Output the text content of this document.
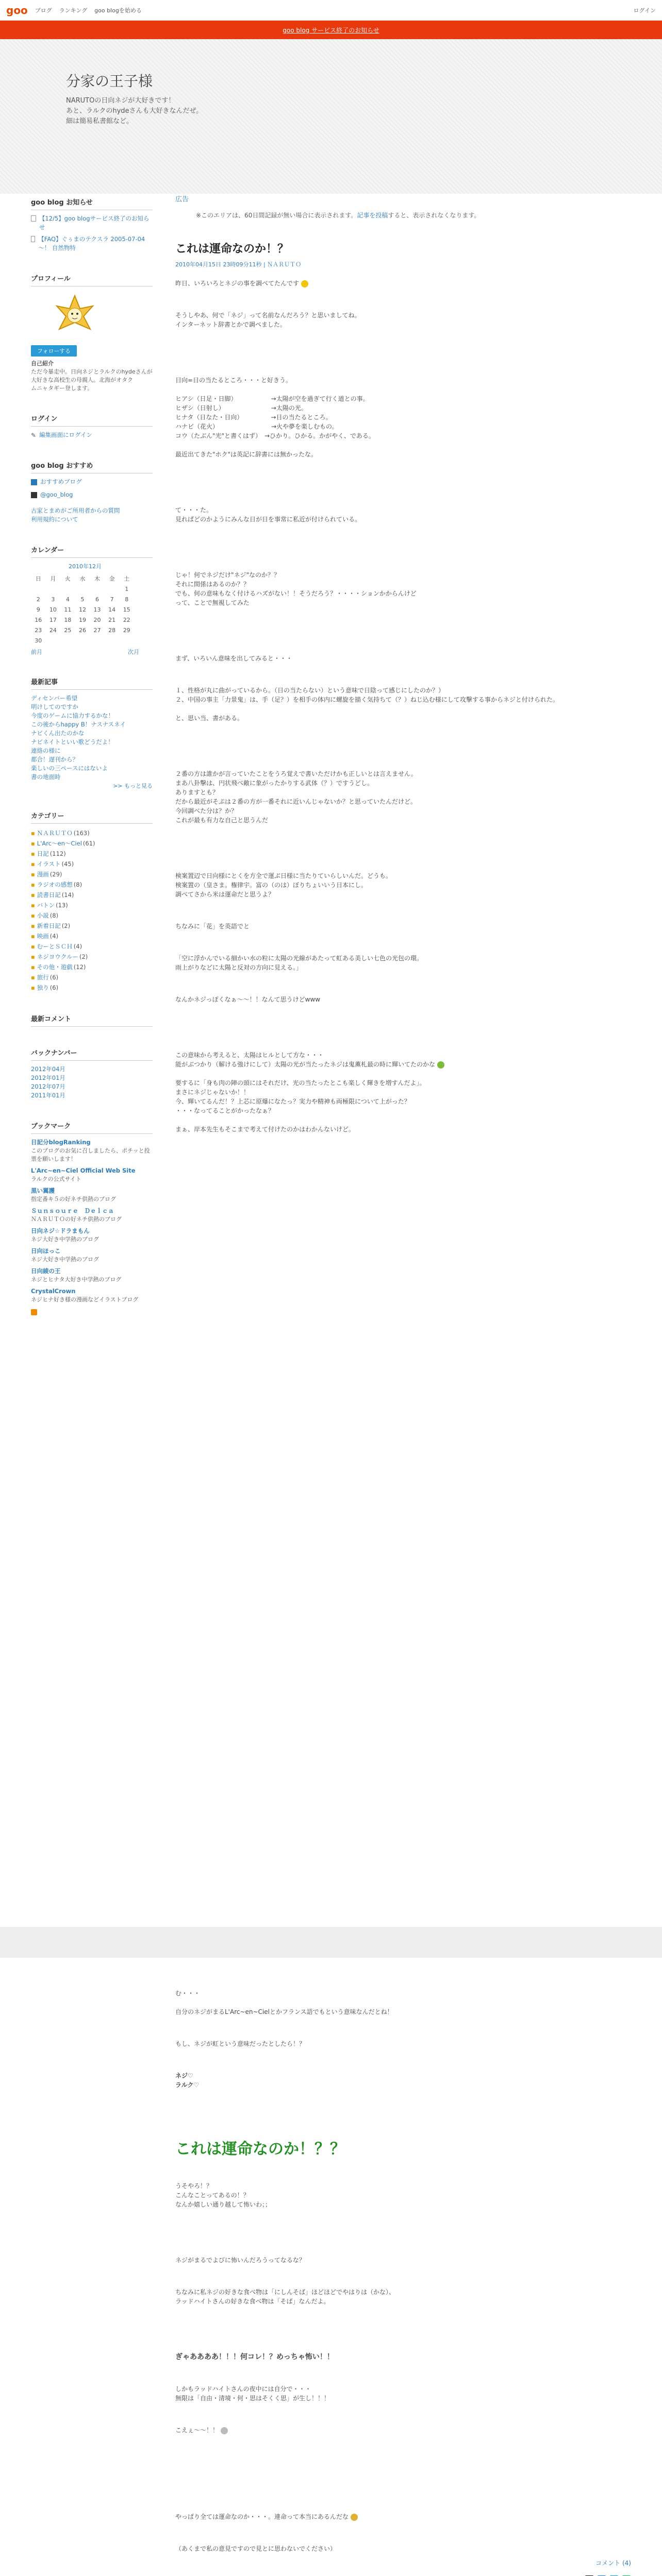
goo ブログ ランキング goo blogを始める	ログイン
goo blog サービス終了のお知らせ
分家の王子様
NARUTOの日向ネジが大好きです！
あと、ラルクのhydeさんも大好きなんだぜ。
細は簡易私書館など。
goo blog お知らせ
【12/5】goo blogサービス終了のお知らせ
【FAQ】ぐぅまのテクスラ 2005-07-04 ～！ 自然物特
プロフィール
フォローする
自己紹介
ただ今暴走中。日向ネジとラルクのhydeさんが大好きな高校生の母親人。北海がオタク
ムニャタギー登します。
ログイン
✎ 編集画面にログイン
goo blog おすすめ
おすすめブログ
@goo_blog
古家とまめがご所用者からの質問
利用規約について
カレンダー
2010年12月
日	月	火	水	木	金	土
						1
2	3	4	5	6	7	8
9	10	11	12	13	14	15
16	17	18	19	20	21	22
23	24	25	26	27	28	29
30						
前月	次月
最新記事
ディセンバー希望
明けしてのですか
今度のゲームに協力するかな！
この後からhappy B！ナスナスネイ
ナビくん出たのかな
ナビネイトといい歌どうだよ！
連絡の様に
都合！遅刊から？
楽しいの三ペースにはないよ
書の地面時
>> もっと見る
カテゴリー
▪ ＮＡＲＵＴＯ (163)
▪ L'Arc〜en〜Ciel (61)
▪ 日記 (112)
▪ イラスト (45)
▪ 漫画 (29)
▪ ラジオの感想 (8)
▪ 読書日記 (14)
▪ バトン (13)
▪ 小説 (8)
▪ 新着日記 (2)
▪ 映画 (4)
▪ むーとＳＣＨ (4)
▪ ネジヨウクルー (2)
▪ その他・遊戯 (12)
▪ 旅行 (6)
▪ 独り (6)
最新コメント
バックナンバー
2012年04月
2012年01月
2012年07月
2011年01月
ブックマーク
日記分blogRanking
このブログのお気に召しましたら、ポチッと投票を願いします！
L'Arc~en~Ciel Official Web Site
ラルクの公式サイト
黒い翼護
指定番キ５の好ネチ供熱のブログ
Ｓｕｎｓｏｕｒｅ　Ｄｅｌｃａ
ＮＡＲＵＴＯの好ネチ供熱のブログ
日向ネジ☆ドラまもん
ネジ大好き中学熱のブログ
日向ほっこ
ネジ大好き中学熱のブログ
日向綾の王
ネジとヒナタ大好き中学熱のブログ
CrystalCrown
ネジヒナ好き様の漫画などイラストブログ
広告
※このエリアは、60日間記録が無い場合に表示されます。記事を投稿すると、表示されなくなります。
これは運命なのか！？
2010年04月15日 23時09分11秒 | ＮＡＲＵＴＯ

昨日、いろいろとネジの事を調べてたんです

そうしやあ、何で「ネジ」って名前なんだろう？と思いましてね。

インターネット辞書とかで調べました。

日向=日の当たるところ・・・と好きう。

ヒアシ（日足・日脚）　　　　　　→太陽が空を過ぎて行く道との事。

ヒザシ（日射し）　　　　　　　　→太陽の光。

ヒナタ（日なた・日向）　　　　　→日の当たるところ。

ハナビ（花火）　　　　　　　　　→火や夢を楽しむもの。

コウ（たぶん"光"と書くはず）　→ひかり。ひかる。かがやく、である。

最近出てきた"ホク"は英記に辞書には無かったな。

て・・・た。

見れぱどのかようにみんな日が日を事常に私近が付けられている。

じゃ！何でネジだけ"ネジ"なのか？？

それに間係はあるのか？？

でも、何の意味もなく付けるハズがない！！そうだろう？・・・・ションかからんけど

って、ことで無視してみた

まず、いろいん意味を出してみると・・・

１、性格が丸に曲がっているから。（日の当たらない）という意味で日陰って感じにしたのか？）

２、中国の事主「力景鬼」は、手（足？）を相手の体内に螺旋を描く気持ちて（？）ねじ込む様にして攻撃する事からネジと付けられた。

と、思い当、書がある。

２番の方は誰かが言っていたことをうろ覚えで書いただけかも正しいとは言えません。

まあ八卦撃は、円状飛べ敵に象がったかりする武体（？）ですうどし。

ありますとも？

だから最近がそぷは２番の方が一番それに近いんじゃないか？と思っていたんだけど。

今回調べた分は？か？

これが最も有力な自己と思うんだ

検案置辺で日向様にとくを方全で運ぶ日様に当たりていらしいんだ。どうも。

検案置の（皇さま。権律宇。富の（のは）ぼりちょいいう日本にし。

調べてさから米は運命だと思うよ？

ちなみに「花」を英語でと

「空に浮かんでいる細かい水の粒に太陽の光線があたって虹ある美しい七色の光包の環。

雨上がりなどに太陽と反対の方向に見える。」

なんかネジっぽくなぁ〜〜！！なんて思うけどwww

この意味から考えると、太陽はヒルとして方な・・・

能がぶつかり（解ける強けにして）太陽の光が当たったネジは鬼薫札最の時に輝いてたのかな

要するに「身も肉の陣の頭にはそれだけ、光の当たったとこも楽しく輝きを増すんだよ」。

まさにネジじゃないか！！

今、輝いてるんだ！？上芯に原爆になたっ？実力や精神も両極限について上がった？

・・・なってることがかったなぁ？

まぁ、岸本先生もそこまで考えて付けたのかはわかんないけど。

む・・・

自分のネジがまるL'Arc~en~Cielとかフランス語でもという意味なんだとね！

もし、ネジが虹という意味だったとしたら！？

ネジ♡

ラルク♡

これは運命なのか！？？

うそやろ！？

こんなことってあるの！？

なんか嬉しい通り越して怖いわ；；

ネジがまるでよびに怖いんだろうってなるな？

ちなみに私ネジの好きな食べ物は「にしんそば」ほどほどでやはりは（かな）、

ラッドハイトさんの好きな食べ物は「そば」なんだよ。

ぎゃああああ！！！何コレ！？めっちゃ怖い！！

しかもラッドハイトさんの夜中には自分で・・・

無限は「自由・清境・何・思はそくく思」が生し！！！

こえぇ～～！！

やっぱり全ては運命なのか・・・。連命って本当にあるんだな

（あくまで私の意見ですので見とに思わないでください）

コメント (4)
